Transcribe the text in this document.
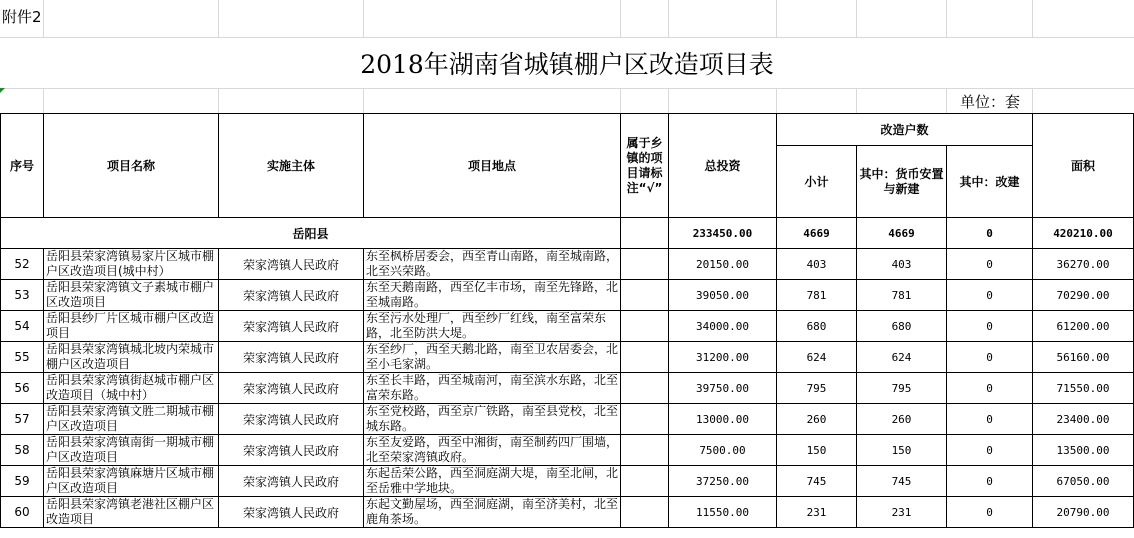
附件2
2018年湖南省城镇棚户区改造项目表
单位：套
序号	项目名称	实施主体	项目地点	属于乡镇的项目请标注“√”	总投资	改造户数			面积
						小计	其中：货币安置与新建	其中：改建	
岳阳县					233450.00	4669	4669	0	420210.00
52	岳阳县荣家湾镇易家片区城市棚户区改造项目(城中村）	荣家湾镇人民政府	东至枫桥居委会，西至青山南路，南至城南路，北至兴荣路。		20150.00	403	403	0	36270.00
53	岳阳县荣家湾镇文子素城市棚户区改造项目	荣家湾镇人民政府	东至天鹅南路，西至亿丰市场，南至先锋路，北至城南路。		39050.00	781	781	0	70290.00
54	岳阳县纱厂片区城市棚户区改造项目	荣家湾镇人民政府	东至污水处理厂，西至纱厂红线，南至富荣东路，北至防洪大堤。		34000.00	680	680	0	61200.00
55	岳阳县荣家湾镇城北坡内荣城市棚户区改造项目	荣家湾镇人民政府	东至纱厂，西至天鹅北路，南至卫农居委会，北至小毛家湖。		31200.00	624	624	0	56160.00
56	岳阳县荣家湾镇街赵城市棚户区改造项目（城中村）	荣家湾镇人民政府	东至长丰路，西至城南河，南至滨水东路，北至富荣东路。		39750.00	795	795	0	71550.00
57	岳阳县荣家湾镇文胜二期城市棚户区改造项目	荣家湾镇人民政府	东至党校路，西至京广铁路，南至县党校，北至城东路。		13000.00	260	260	0	23400.00
58	岳阳县荣家湾镇南街一期城市棚户区改造项目	荣家湾镇人民政府	东至友爱路，西至中湘街，南至制药四厂围墙，北至荣家湾镇政府。		7500.00	150	150	0	13500.00
59	岳阳县荣家湾镇麻塘片区城市棚户区改造项目	荣家湾镇人民政府	东起岳荣公路，西至洞庭湖大堤，南至北闸，北至岳雅中学地块。		37250.00	745	745	0	67050.00
60	岳阳县荣家湾镇老港社区棚户区改造项目	荣家湾镇人民政府	东起文勤屋场，西至洞庭湖，南至济美村，北至鹿角茶场。		11550.00	231	231	0	20790.00
